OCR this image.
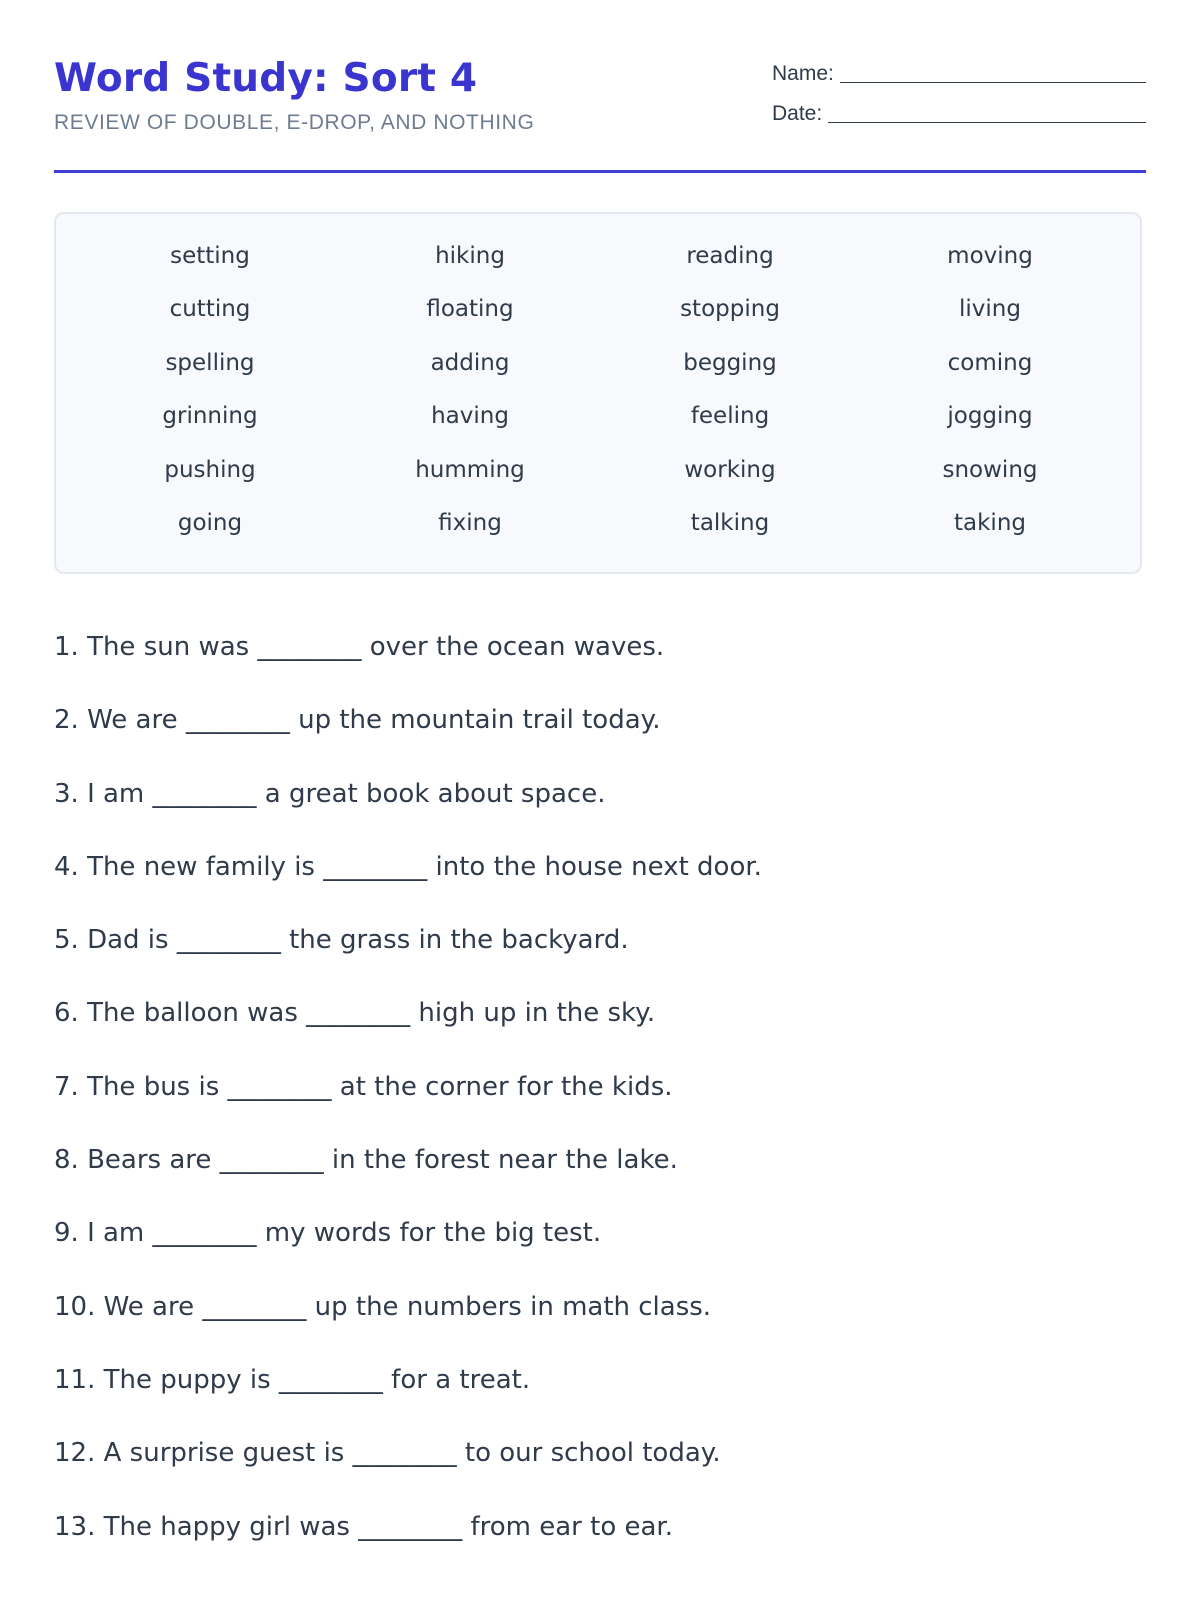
Word Study: Sort 4
REVIEW OF DOUBLE, E-DROP, AND NOTHING
Name:
Date:
setting	hiking	reading	moving
cutting	floating	stopping	living
spelling	adding	begging	coming
grinning	having	feeling	jogging
pushing	humming	working	snowing
going	fixing	talking	taking
1. The sun was ________ over the ocean waves.
2. We are ________ up the mountain trail today.
3. I am ________ a great book about space.
4. The new family is ________ into the house next door.
5. Dad is ________ the grass in the backyard.
6. The balloon was ________ high up in the sky.
7. The bus is ________ at the corner for the kids.
8. Bears are ________ in the forest near the lake.
9. I am ________ my words for the big test.
10. We are ________ up the numbers in math class.
11. The puppy is ________ for a treat.
12. A surprise guest is ________ to our school today.
13. The happy girl was ________ from ear to ear.
